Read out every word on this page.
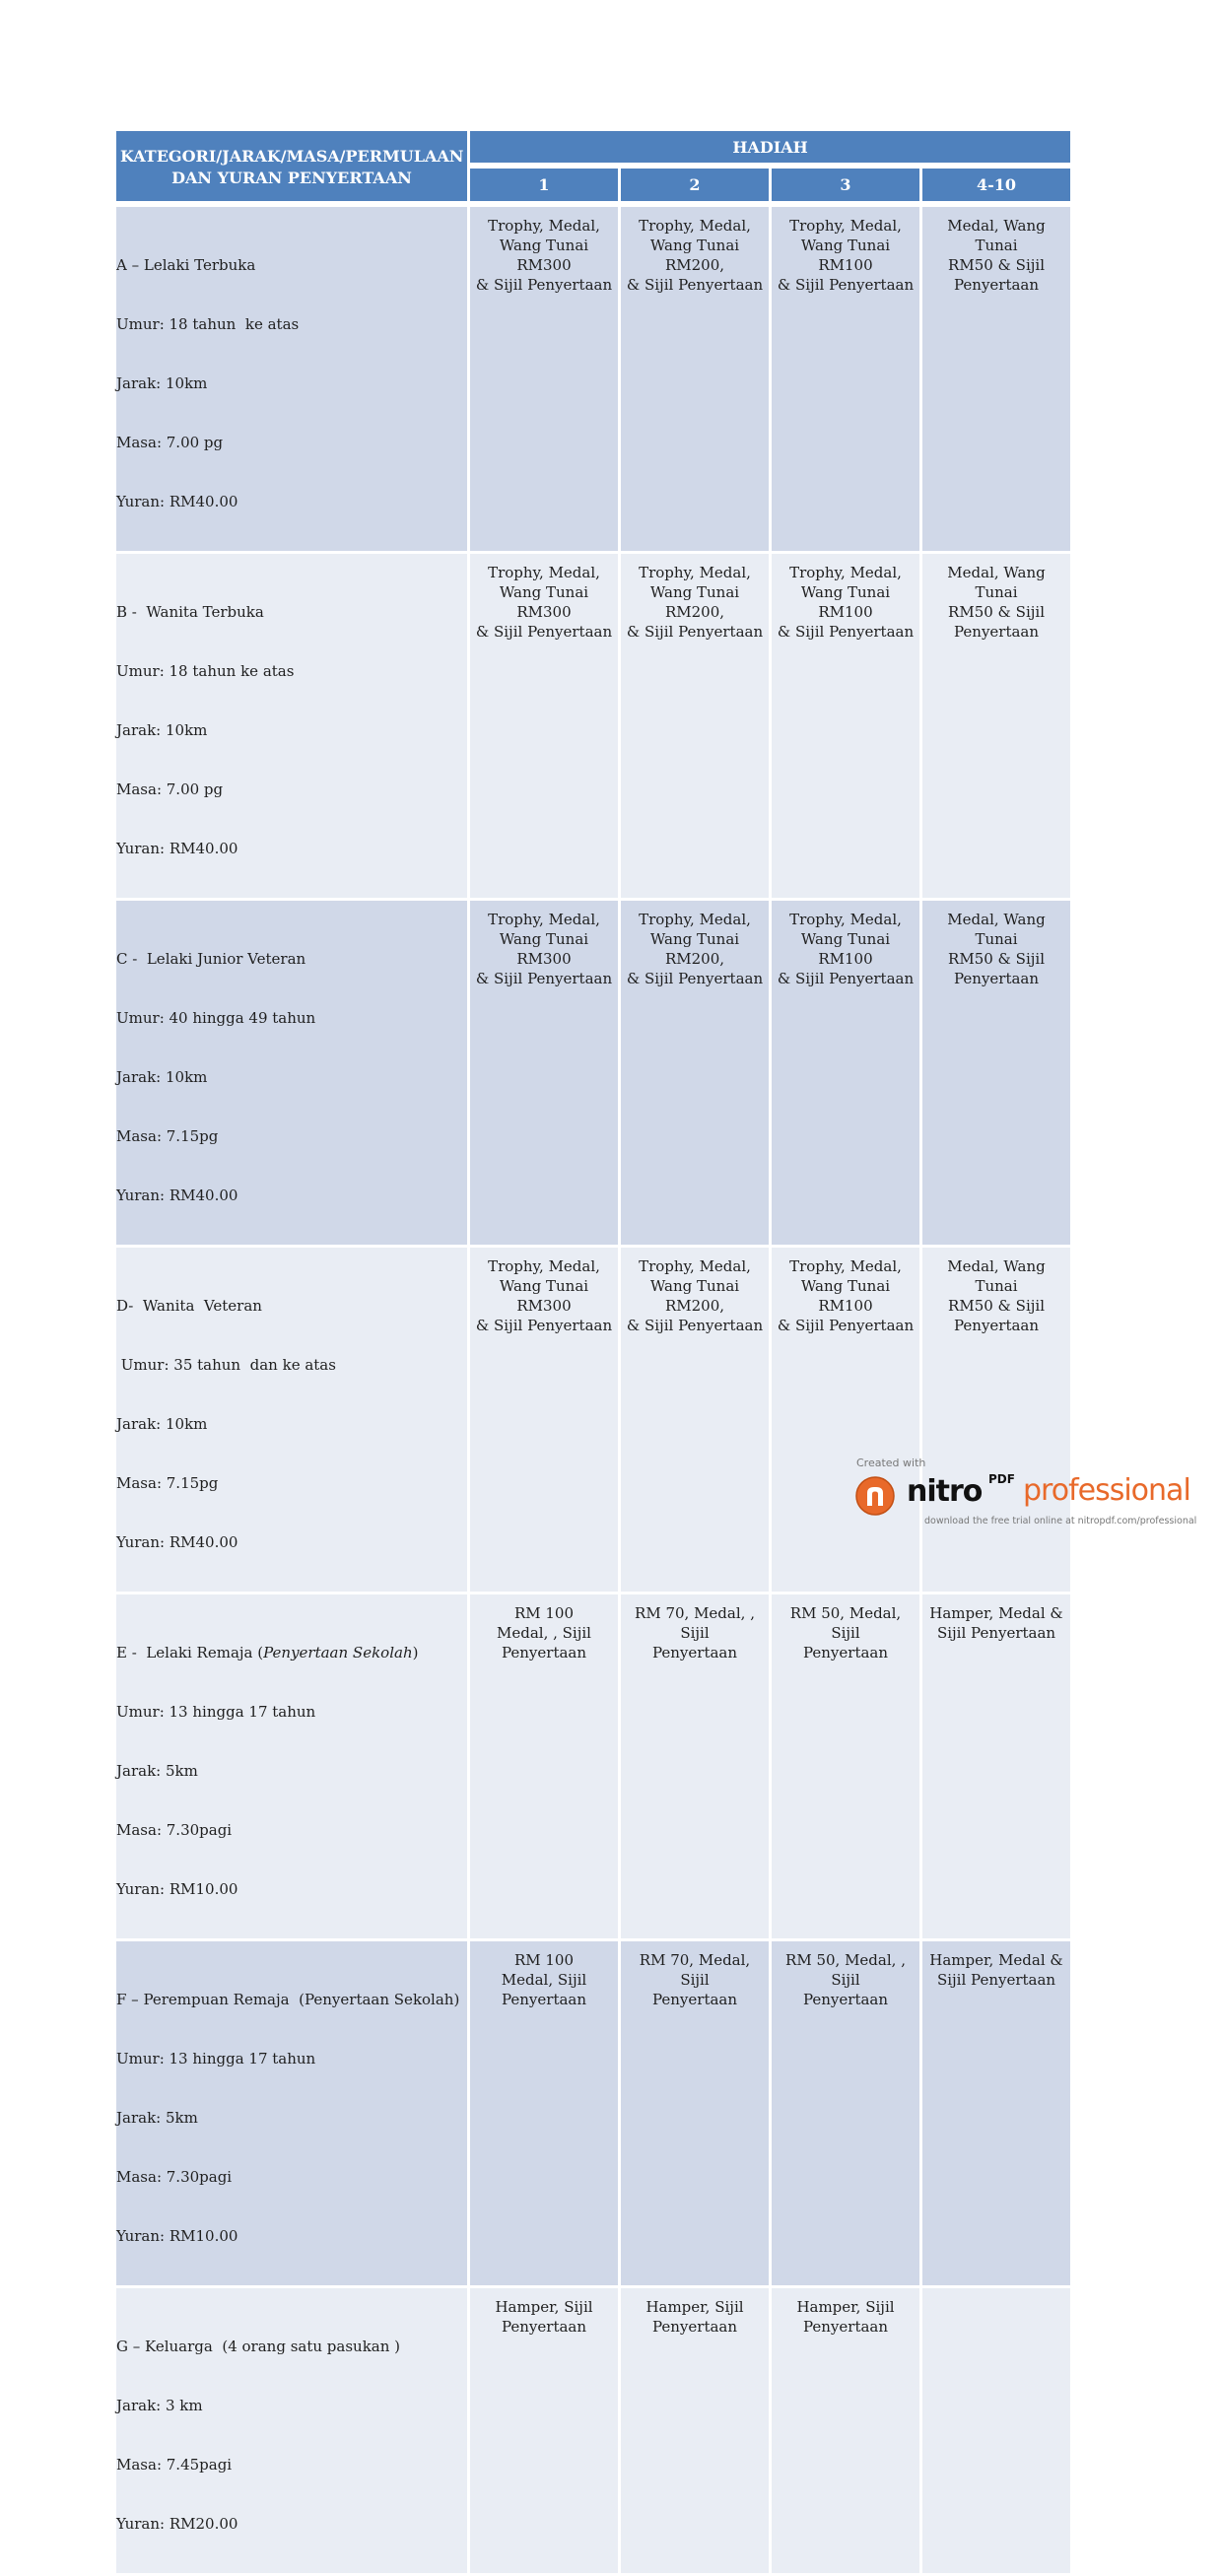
KATEGORI/JARAK/MASA/PERMULAAN DAN YURAN PENYERTAAN	HADIAH			
	1	2	3	4-10

A – Lelaki Terbuka

Umur: 18 tahun  ke atas

Jarak: 10km

Masa: 7.00 pg

Yuran: RM40.00	Trophy, Medal,
Wang Tunai RM300
& Sijil Penyertaan	Trophy, Medal,
Wang Tunai RM200,
& Sijil Penyertaan	Trophy, Medal,
Wang Tunai RM100
& Sijil Penyertaan	Medal, Wang Tunai
RM50 & Sijil
Penyertaan

B -  Wanita Terbuka

Umur: 18 tahun ke atas

Jarak: 10km

Masa: 7.00 pg

Yuran: RM40.00	Trophy, Medal,
Wang Tunai RM300
& Sijil Penyertaan	Trophy, Medal,
Wang Tunai RM200,
& Sijil Penyertaan	Trophy, Medal,
Wang Tunai RM100
& Sijil Penyertaan	Medal, Wang Tunai
RM50 & Sijil
Penyertaan

C -  Lelaki Junior Veteran

Umur: 40 hingga 49 tahun

Jarak: 10km

Masa: 7.15pg

Yuran: RM40.00	Trophy, Medal,
Wang Tunai RM300
& Sijil Penyertaan	Trophy, Medal,
Wang Tunai RM200,
& Sijil Penyertaan	Trophy, Medal,
Wang Tunai RM100
& Sijil Penyertaan	Medal, Wang Tunai
RM50 & Sijil
Penyertaan

D-  Wanita  Veteran

Umur: 35 tahun  dan ke atas

Jarak: 10km

Masa: 7.15pg

Yuran: RM40.00	Trophy, Medal,
Wang Tunai RM300
& Sijil Penyertaan	Trophy, Medal,
Wang Tunai RM200,
& Sijil Penyertaan	Trophy, Medal,
Wang Tunai RM100
& Sijil Penyertaan	Medal, Wang Tunai
RM50 & Sijil
Penyertaan

E -  Lelaki Remaja (Penyertaan Sekolah)

Umur: 13 hingga 17 tahun

Jarak: 5km

Masa: 7.30pagi

Yuran: RM10.00	RM 100
Medal, , Sijil
Penyertaan	RM 70, Medal, , Sijil
Penyertaan	RM 50, Medal, Sijil
Penyertaan	Hamper, Medal &
Sijil Penyertaan

F – Perempuan Remaja  (Penyertaan Sekolah)

Umur: 13 hingga 17 tahun

Jarak: 5km

Masa: 7.30pagi

Yuran: RM10.00	RM 100
Medal, Sijil
Penyertaan	RM 70, Medal, Sijil
Penyertaan	RM 50, Medal, , Sijil
Penyertaan	Hamper, Medal &
Sijil Penyertaan

G – Keluarga  (4 orang satu pasukan )

Jarak: 3 km

Masa: 7.45pagi

Yuran: RM20.00	Hamper, Sijil
Penyertaan	Hamper, Sijil
Penyertaan	Hamper, Sijil
Penyertaan	
Created with
nitro PDF professional
download the free trial online at nitropdf.com/professional
